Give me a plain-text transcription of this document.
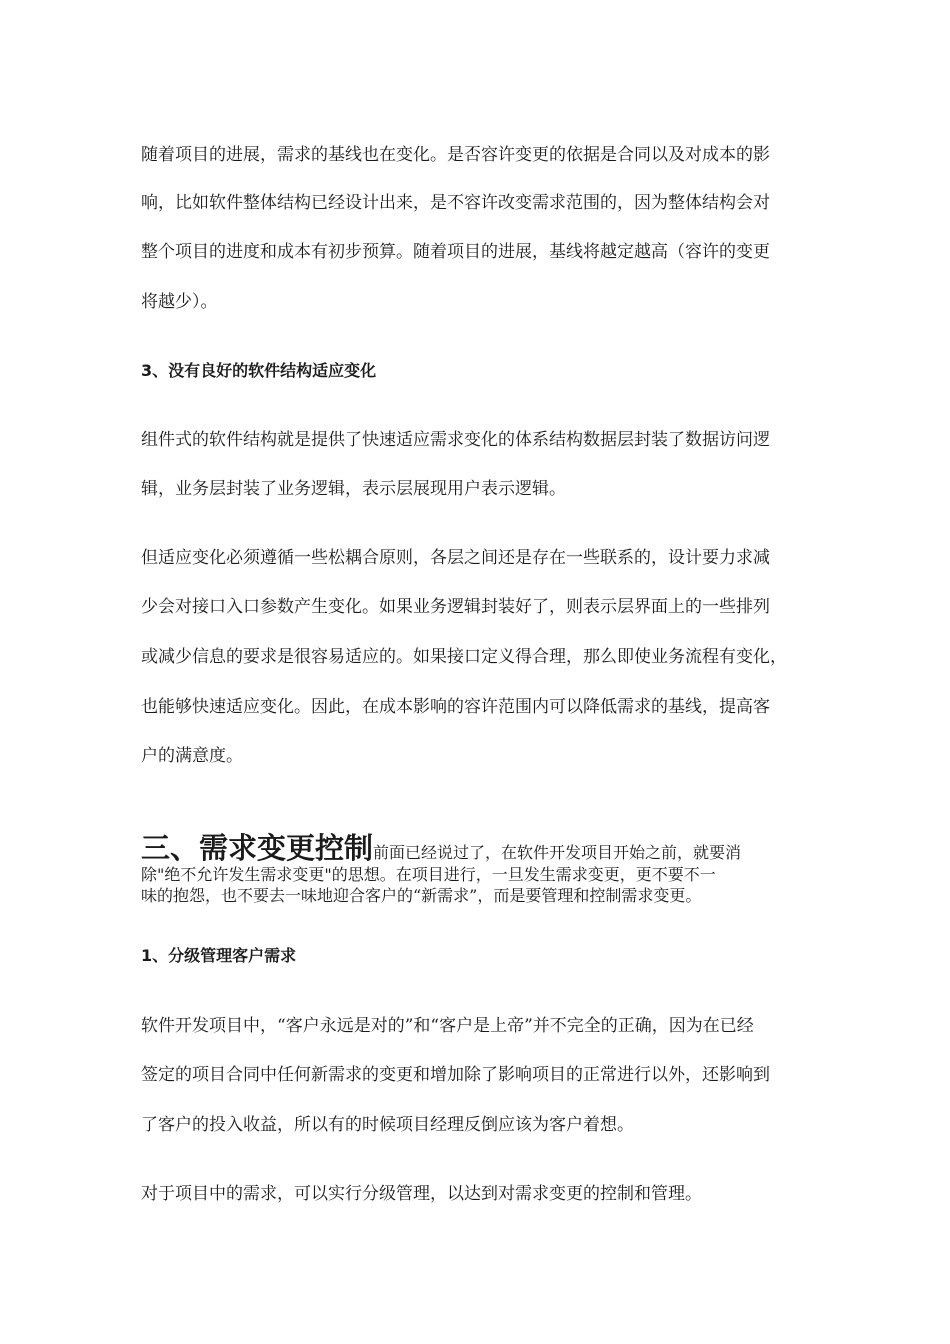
随着项目的进展，需求的基线也在变化。是否容许变更的依据是合同以及对成本的影
响，比如软件整体结构已经设计出来，是不容许改变需求范围的，因为整体结构会对
整个项目的进度和成本有初步预算。随着项目的进展，基线将越定越高（容许的变更
将越少）。
3、没有良好的软件结构适应变化
组件式的软件结构就是提供了快速适应需求变化的体系结构数据层封装了数据访问逻
辑，业务层封装了业务逻辑，表示层展现用户表示逻辑。
但适应变化必须遵循一些松耦合原则，各层之间还是存在一些联系的，设计要力求减
少会对接口入口参数产生变化。如果业务逻辑封装好了，则表示层界面上的一些排列
或减少信息的要求是很容易适应的。如果接口定义得合理，那么即使业务流程有变化，
也能够快速适应变化。因此，在成本影响的容许范围内可以降低需求的基线，提高客
户的满意度。
三、需求变更控制前面已经说过了，在软件开发项目开始之前，就要消
除"绝不允许发生需求变更"的思想。在项目进行，一旦发生需求变更，更不要不一
味的抱怨，也不要去一味地迎合客户的“新需求”，而是要管理和控制需求变更。
1、分级管理客户需求
软件开发项目中，“客户永远是对的”和“客户是上帝”并不完全的正确，因为在已经
签定的项目合同中任何新需求的变更和增加除了影响项目的正常进行以外，还影响到
了客户的投入收益，所以有的时候项目经理反倒应该为客户着想。
对于项目中的需求，可以实行分级管理，以达到对需求变更的控制和管理。
